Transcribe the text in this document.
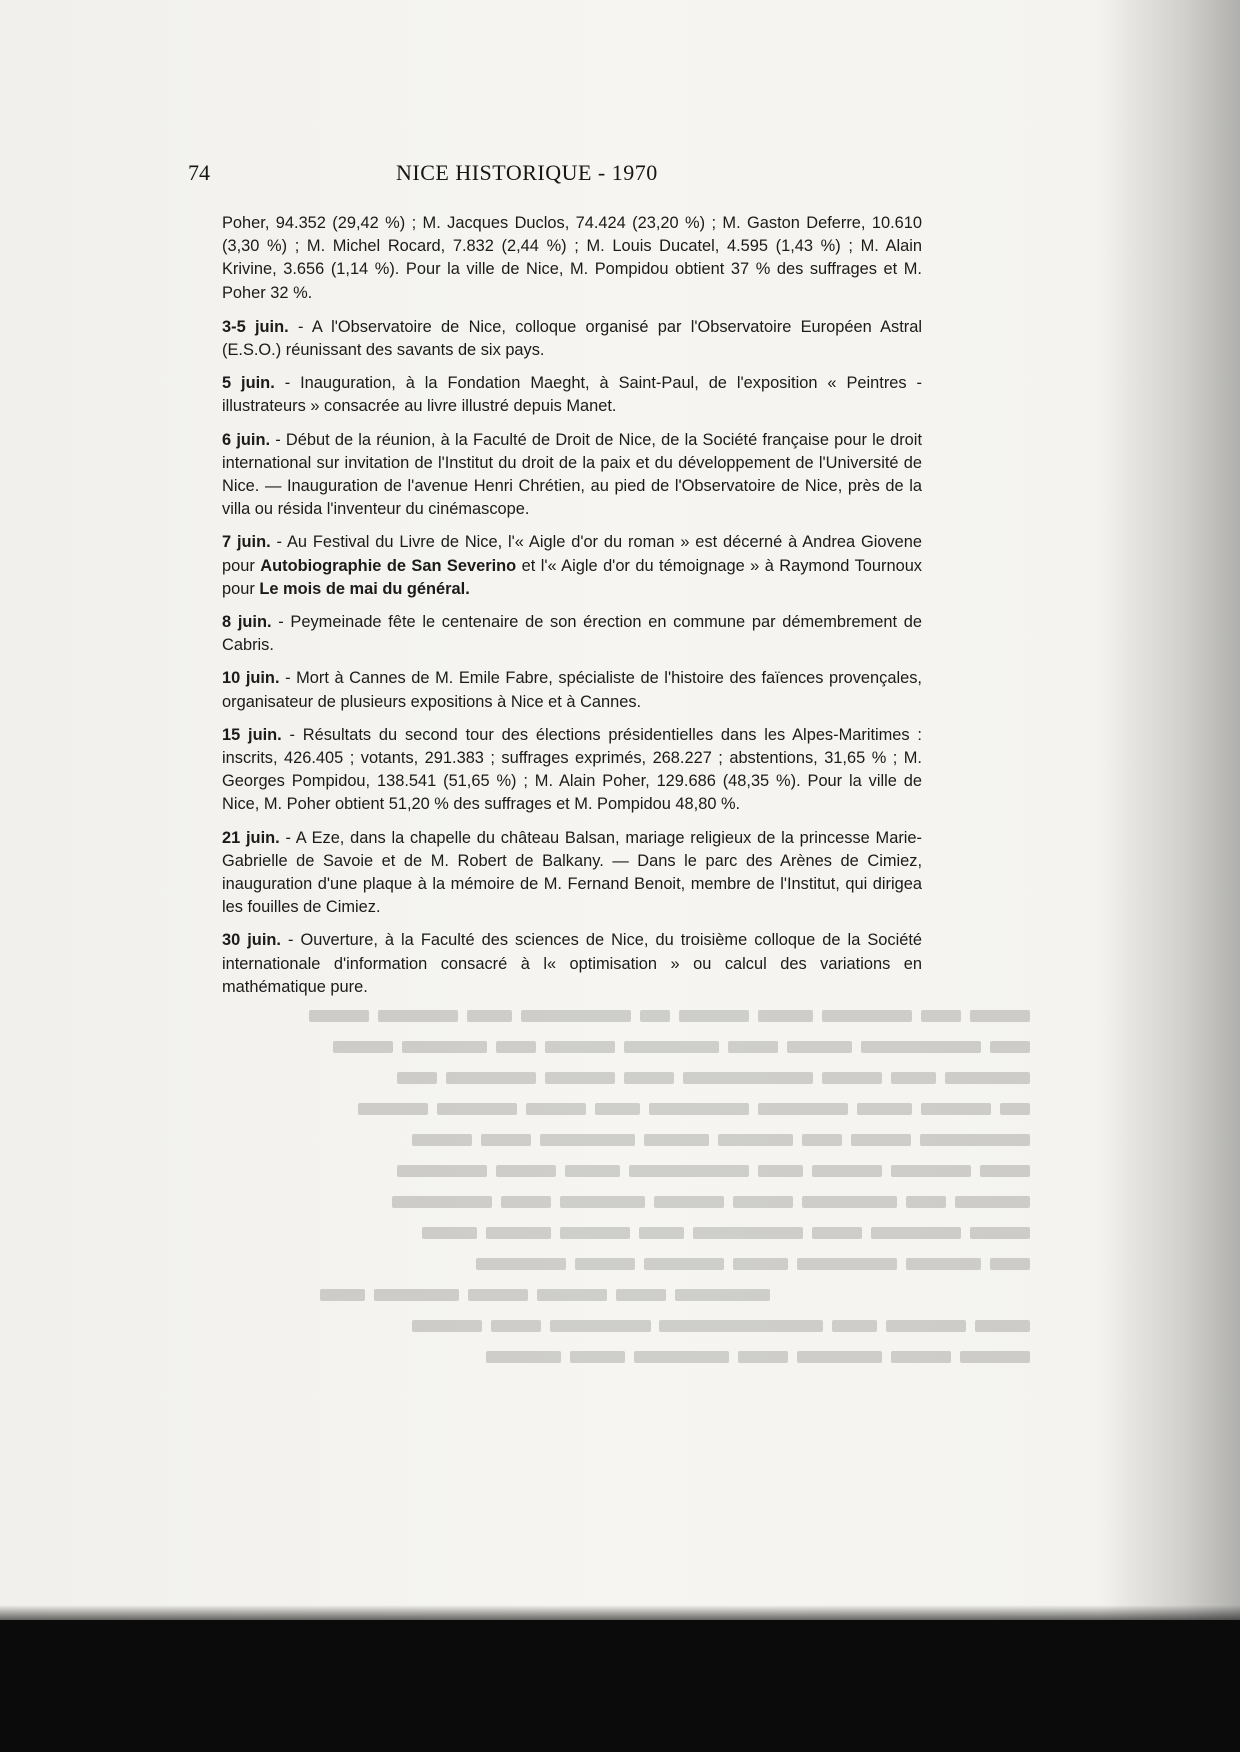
74	NICE HISTORIQUE - 1970

Poher, 94.352 (29,42 %) ; M. Jacques Duclos, 74.424 (23,20 %) ; M. Gaston Deferre, 10.610 (3,30 %) ; M. Michel Rocard, 7.832 (2,44 %) ; M. Louis Ducatel, 4.595 (1,43 %) ; M. Alain Krivine, 3.656 (1,14 %). Pour la ville de Nice, M. Pompidou obtient 37 % des suffrages et M. Poher 32 %.

3-5 juin. - A l'Observatoire de Nice, colloque organisé par l'Observatoire Européen Astral (E.S.O.) réunissant des savants de six pays.

5 juin. - Inauguration, à la Fondation Maeght, à Saint-Paul, de l'exposition « Peintres - illustrateurs » consacrée au livre illustré depuis Manet.

6 juin. - Début de la réunion, à la Faculté de Droit de Nice, de la Société française pour le droit international sur invitation de l'Institut du droit de la paix et du développement de l'Université de Nice. — Inauguration de l'avenue Henri Chrétien, au pied de l'Observatoire de Nice, près de la villa ou résida l'inventeur du cinémascope.

7 juin. - Au Festival du Livre de Nice, l'« Aigle d'or du roman » est décerné à Andrea Giovene pour Autobiographie de San Severino et l'« Aigle d'or du témoignage » à Raymond Tournoux pour Le mois de mai du général.

8 juin. - Peymeinade fête le centenaire de son érection en commune par démembrement de Cabris.

10 juin. - Mort à Cannes de M. Emile Fabre, spécialiste de l'histoire des faïences provençales, organisateur de plusieurs expositions à Nice et à Cannes.

15 juin. - Résultats du second tour des élections présidentielles dans les Alpes-Maritimes : inscrits, 426.405 ; votants, 291.383 ; suffrages exprimés, 268.227 ; abstentions, 31,65 % ; M. Georges Pompidou, 138.541 (51,65 %) ; M. Alain Poher, 129.686 (48,35 %). Pour la ville de Nice, M. Poher obtient 51,20 % des suffrages et M. Pompidou 48,80 %.

21 juin. - A Eze, dans la chapelle du château Balsan, mariage religieux de la princesse Marie-Gabrielle de Savoie et de M. Robert de Balkany. — Dans le parc des Arènes de Cimiez, inauguration d'une plaque à la mémoire de M. Fernand Benoit, membre de l'Institut, qui dirigea les fouilles de Cimiez.

30 juin. - Ouverture, à la Faculté des sciences de Nice, du troisième colloque de la Société internationale d'information consacré à l« optimisation » ou calcul des variations en mathématique pure.
